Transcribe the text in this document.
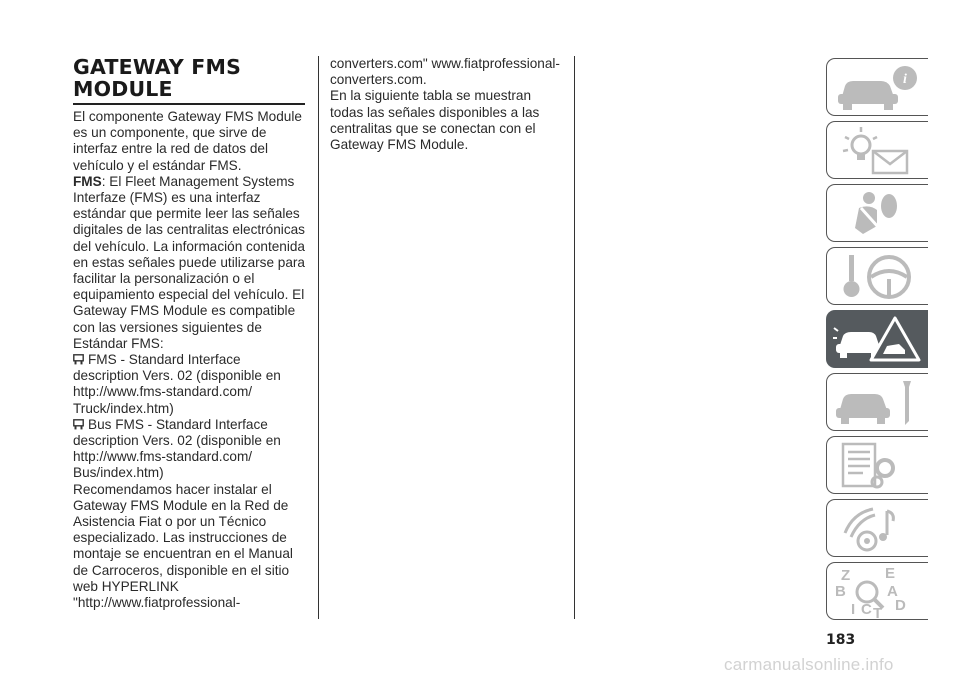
GATEWAY FMS
MODULE

El componente Gateway FMS Module es un componente, que sirve de interfaz entre la red de datos del vehículo y el estándar FMS.

FMS: El Fleet Management Systems Interfaze (FMS) es una interfaz estándar que permite leer las señales digitales de las centralitas electrónicas del vehículo. La información contenida en estas señales puede utilizarse para facilitar la personalización o el equipamiento especial del vehículo. El Gateway FMS Module es compatible con las versiones siguientes de Estándar FMS:

FMS - Standard Interface description Vers. 02 (disponible en http://www.fms-standard.com/ Truck/index.htm)

Bus FMS - Standard Interface description Vers. 02 (disponible en http://www.fms-standard.com/ Bus/index.htm)

Recomendamos hacer instalar el Gateway FMS Module en la Red de Asistencia Fiat o por un Técnico especializado. Las instrucciones de montaje se encuentran en el Manual de Carroceros, disponible en el sitio web HYPERLINK "http://www.fiatprofessional-

converters.com" www.fiatprofessional-converters.com.

En la siguiente tabla se muestran todas las señales disponibles a las centralitas que se conectan con el Gateway FMS Module.

i
Z E
B	A
I C T D
183
carmanualsonline.info
